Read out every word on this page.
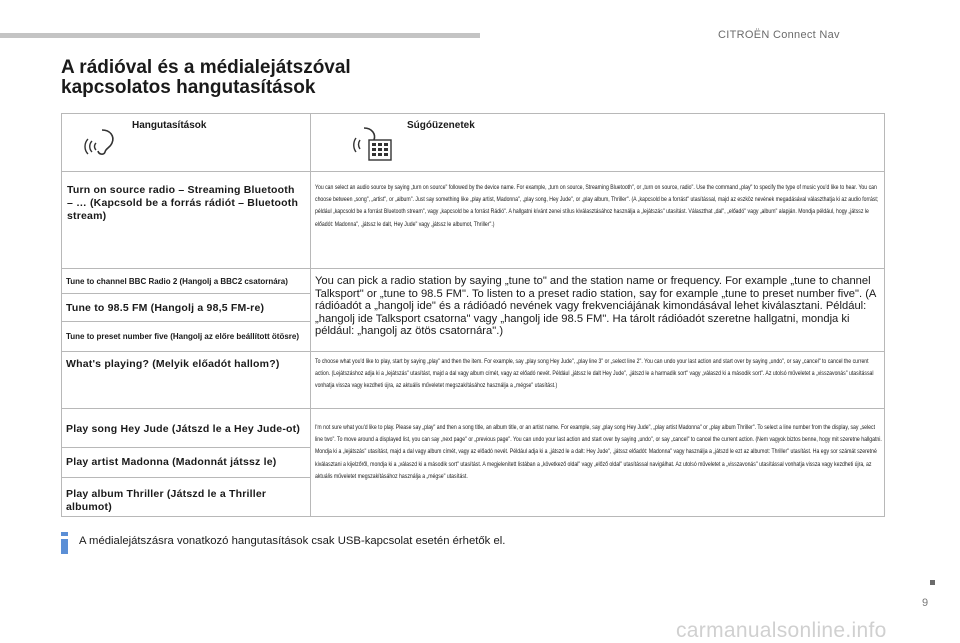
CITROËN Connect Nav
A rádióval és a médialejátszóval
kapcsolatos hangutasítások
Hangutasítások	Súgóüzenetek
Turn on source radio – Streaming Bluetooth – … (Kapcsold be a forrás rádiót – Bluetooth stream)
You can select an audio source by saying „turn on source" followed by the device name. For example, „turn on source, Streaming Bluetooth", or „turn on source, radio". Use the command „play" to specify the type of music you'd like to hear. You can choose between „song", „artist", or „album". Just say something like „play artist, Madonna", „play song, Hey Jude", or „play album, Thriller". (A „kapcsold be a forrást" utasítással, majd az eszköz nevének megadásával választhatja ki az audio forrást; például „kapcsold be a forrást Bluetooth stream", vagy „kapcsold be a forrást Rádió". A hallgatni kívánt zenei stílus kiválasztásához használja a „lejátszás" utasítást. Választhat „dal", „előadó" vagy „album" alapján. Mondja például, hogy „játssz le előadót: Madonna", „játssz le dalt, Hey Jude" vagy „játssz le albumot, Thriller".)
Tune to channel BBC Radio 2 (Hangolj a BBC2 csatornára)
Tune to 98.5 FM (Hangolj a 98,5 FM-re)
Tune to preset number five (Hangolj az előre beállított ötösre)
You can pick a radio station by saying „tune to" and the station name or frequency. For example „tune to channel Talksport" or „tune to 98.5 FM". To listen to a preset radio station, say for example „tune to preset number five". (A rádióadót a „hangolj ide" és a rádióadó nevének vagy frekvenciájának kimondásával lehet kiválasztani. Például: „hangolj ide Talksport csatorna" vagy „hangolj ide 98.5 FM". Ha tárolt rádióadót szeretne hallgatni, mondja ki például: „hangolj az ötös csatornára".)
What's playing? (Melyik előadót hallom?)	To choose what you'd like to play, start by saying „play" and then the item. For example, say „play song Hey Jude", „play line 3" or „select line 2". You can undo your last action and start over by saying „undo", or say „cancel" to cancel the current action. (Lejátszáshoz adja ki a „lejátszás" utasítást, majd a dal vagy album címét, vagy az előadó nevét. Például „játssz le dalt Hey Jude", „játszd le a harmadik sort" vagy „válaszd ki a második sort". Az utolsó műveletet a „visszavonás" utasítással vonhatja vissza vagy kezdheti újra, az aktuális műveletet megszakításához használja a „mégse" utasítást.)
Play song Hey Jude (Játszd le a Hey Jude-ot)
Play artist Madonna (Madonnát játssz le)
Play album Thriller (Játszd le a Thriller albumot)
I'm not sure what you'd like to play. Please say „play" and then a song title, an album title, or an artist name. For example, say „play song Hey Jude", „play artist Madonna" or „play album Thriller". To select a line number from the display, say „select line two". To move around a displayed list, you can say „next page" or „previous page". You can undo your last action and start over by saying „undo", or say „cancel" to cancel the current action. (Nem vagyok biztos benne, hogy mit szeretne hallgatni. Mondja ki a „lejátszás" utasítást, majd a dal vagy album címét, vagy az előadó nevét. Például adja ki a „játszd le a dalt: Hey Jude", „játssz előadót: Madonna" vagy használja a „játszd le ezt az albumot: Thriller" utasítást. Ha egy sor számát szeretné kiválasztani a kijelzőről, mondja ki a „válaszd ki a második sort" utasítást. A megjelenített listában a „következő oldal" vagy „előző oldal" utasítással navigálhat. Az utolsó műveletet a „visszavonás" utasítással vonhatja vissza vagy kezdheti újra, az aktuális műveletet megszakításához használja a „mégse" utasítást.
A médialejátszásra vonatkozó hangutasítások csak USB-kapcsolat esetén érhetők el.
9
carmanualsonline.info
